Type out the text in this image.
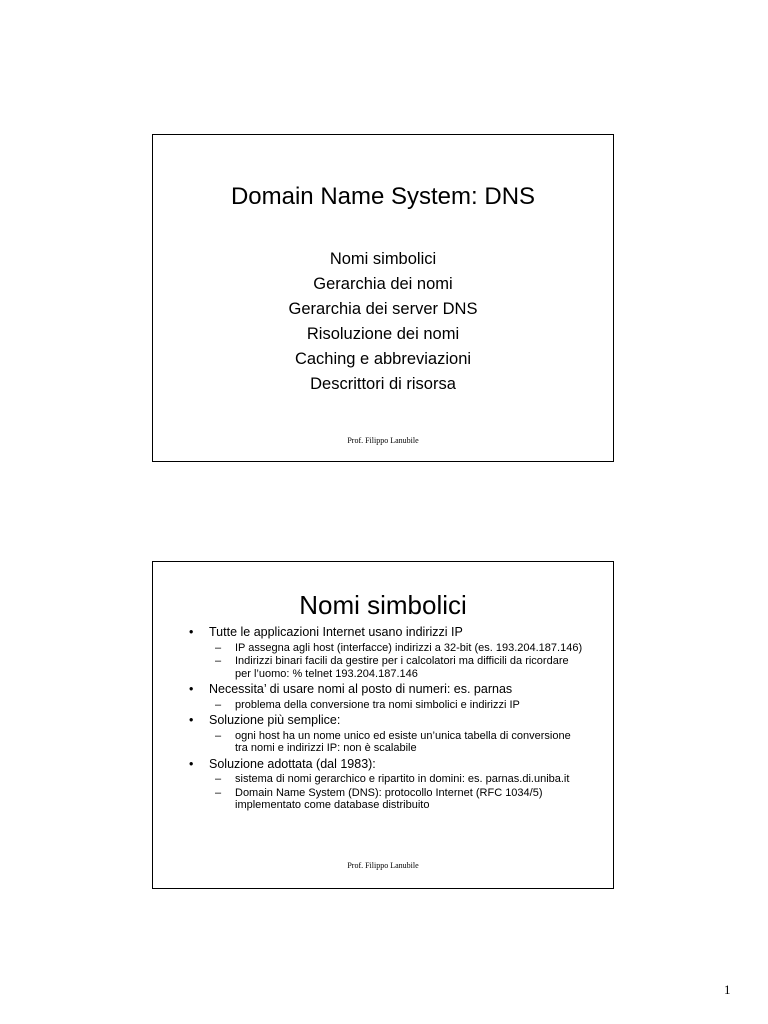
Domain Name System: DNS
Nomi simbolici
Gerarchia dei nomi
Gerarchia dei server DNS
Risoluzione dei nomi
Caching e abbreviazioni
Descrittori di risorsa
Prof. Filippo Lanubile
Nomi simbolici
• Tutte le applicazioni Internet usano indirizzi IP
– IP assegna agli host (interfacce) indirizzi a 32-bit (es. 193.204.187.146)
– Indirizzi binari facili da gestire per i calcolatori ma difficili da ricordare per l’uomo: % telnet 193.204.187.146
• Necessita’ di usare nomi al posto di numeri: es. parnas
– problema della conversione tra nomi simbolici e indirizzi IP
• Soluzione più semplice:
– ogni host ha un nome unico ed esiste un’unica tabella di conversione tra nomi e indirizzi IP: non è scalabile
• Soluzione adottata (dal 1983):
– sistema di nomi gerarchico e ripartito in domini: es. parnas.di.uniba.it
– Domain Name System (DNS): protocollo Internet (RFC 1034/5) implementato come database distribuito
Prof. Filippo Lanubile
1
